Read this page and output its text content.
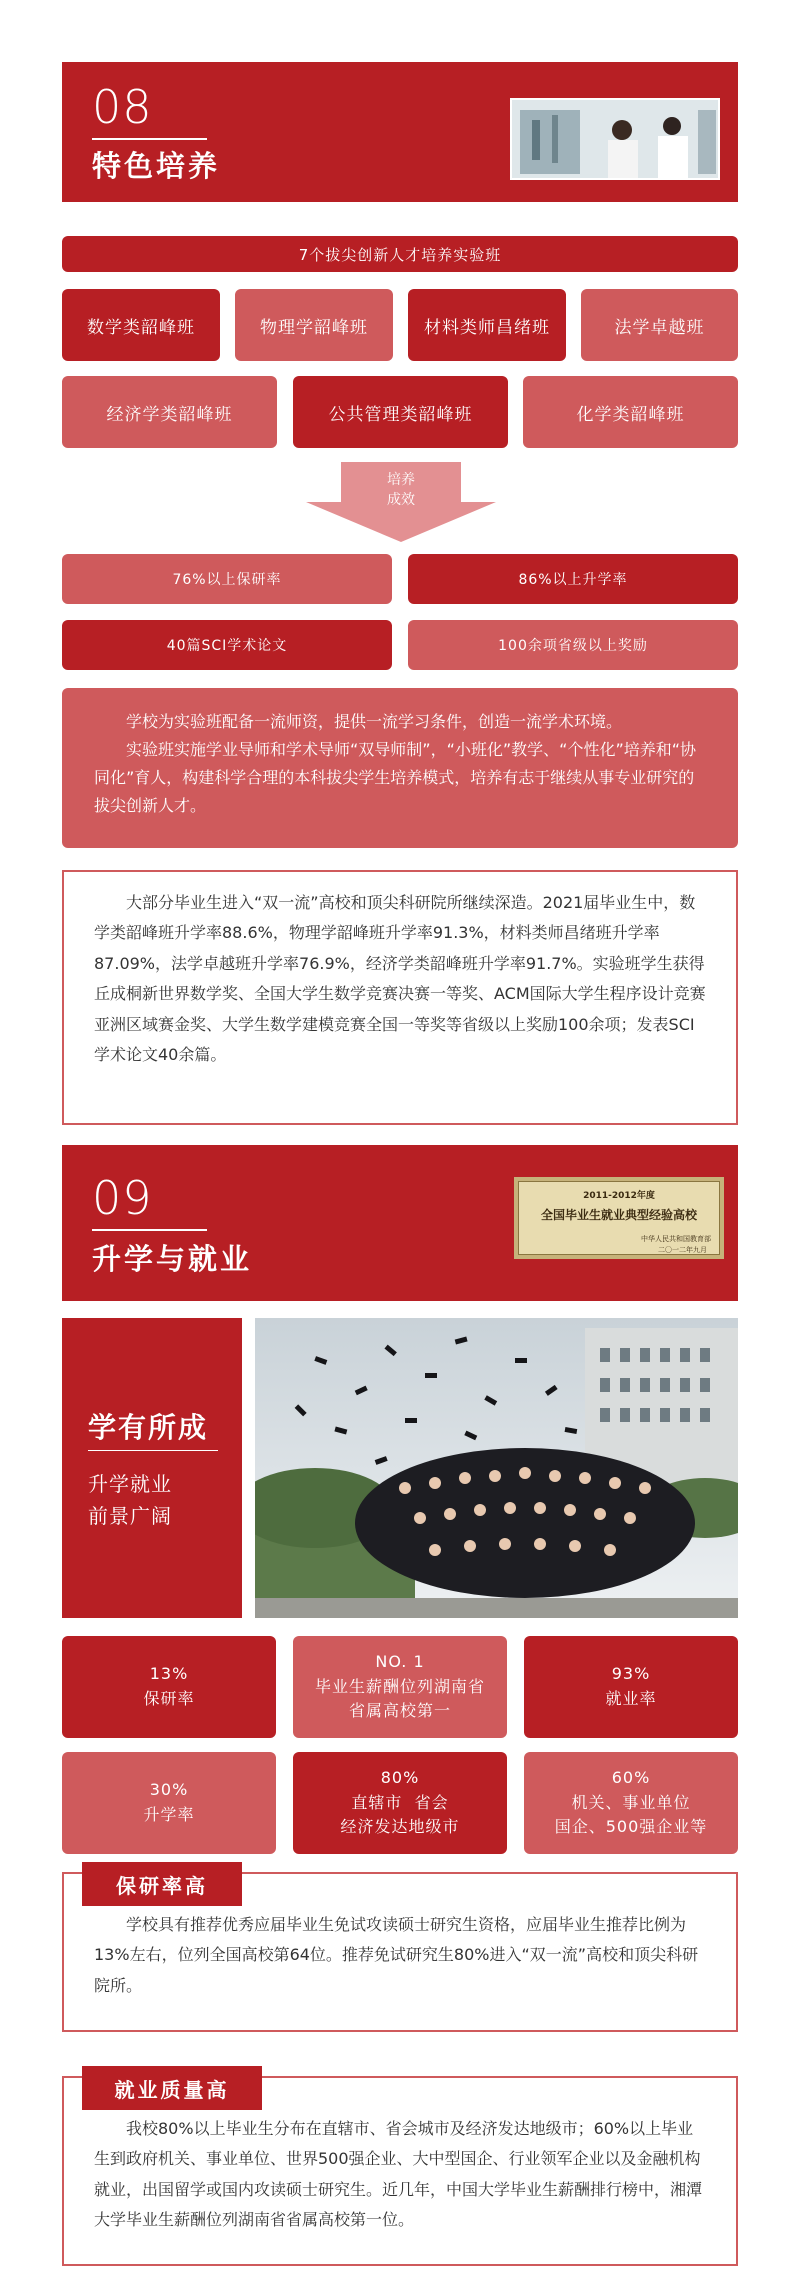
08
特色培养
7个拔尖创新人才培养实验班
数学类韶峰班	物理学韶峰班	材料类师昌绪班	法学卓越班
经济学类韶峰班	公共管理类韶峰班	化学类韶峰班
培养
成效
76%以上保研率	86%以上升学率
40篇SCI学术论文	100余项省级以上奖励

学校为实验班配备一流师资，提供一流学习条件，创造一流学术环境。

实验班实施学业导师和学术导师“双导师制”，“小班化”教学、“个性化”培养和“协同化”育人，构建科学合理的本科拔尖学生培养模式，培养有志于继续从事专业研究的拔尖创新人才。

大部分毕业生进入“双一流”高校和顶尖科研院所继续深造。2021届毕业生中，数学类韶峰班升学率88.6%，物理学韶峰班升学率91.3%，材料类师昌绪班升学率87.09%，法学卓越班升学率76.9%，经济学类韶峰班升学率91.7%。实验班学生获得丘成桐新世界数学奖、全国大学生数学竞赛决赛一等奖、ACM国际大学生程序设计竞赛亚洲区域赛金奖、大学生数学建模竞赛全国一等奖等省级以上奖励100余项；发表SCI学术论文40余篇。

09
升学与就业
2011-2012年度
全国毕业生就业典型经验高校
中华人民共和国教育部
二〇一二年九月
学有所成
升学就业
前景广阔
13%
保研率
NO. 1
毕业生薪酬位列湖南省
省属高校第一
93%
就业率
30%
升学率
80%
直辖市  省会
经济发达地级市
60%
机关、事业单位
国企、500强企业等

学校具有推荐优秀应届毕业生免试攻读硕士研究生资格，应届毕业生推荐比例为13%左右，位列全国高校第64位。推荐免试研究生80%进入“双一流”高校和顶尖科研院所。

保研率高

我校80%以上毕业生分布在直辖市、省会城市及经济发达地级市；60%以上毕业生到政府机关、事业单位、世界500强企业、大中型国企、行业领军企业以及金融机构就业，出国留学或国内攻读硕士研究生。近几年，中国大学毕业生薪酬排行榜中，湘潭大学毕业生薪酬位列湖南省省属高校第一位。

就业质量高
